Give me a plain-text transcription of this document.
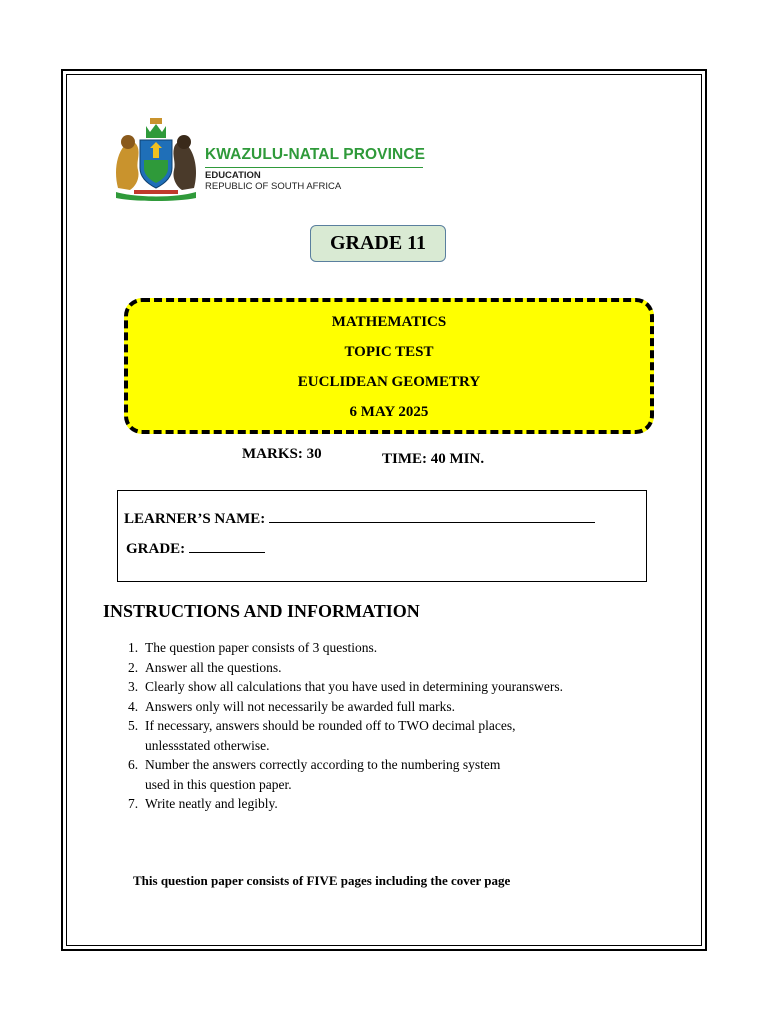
KWAZULU-NATAL PROVINCE
EDUCATION
REPUBLIC OF SOUTH AFRICA
GRADE 11
MATHEMATICS
TOPIC TEST
EUCLIDEAN GEOMETRY
6 MAY 2025
MARKS: 30	TIME: 40 MIN.
LEARNER’S NAME:
GRADE:
INSTRUCTIONS AND INFORMATION
1. The question paper consists of 3 questions.
2. Answer all the questions.
3. Clearly show all calculations that you have used in determining youranswers.
4. Answers only will not necessarily be awarded full marks.
5. If necessary, answers should be rounded off to TWO decimal places,
unlessstated otherwise.
6. Number the answers correctly according to the numbering system
used in this question paper.
7. Write neatly and legibly.
This question paper consists of FIVE pages including the cover page
